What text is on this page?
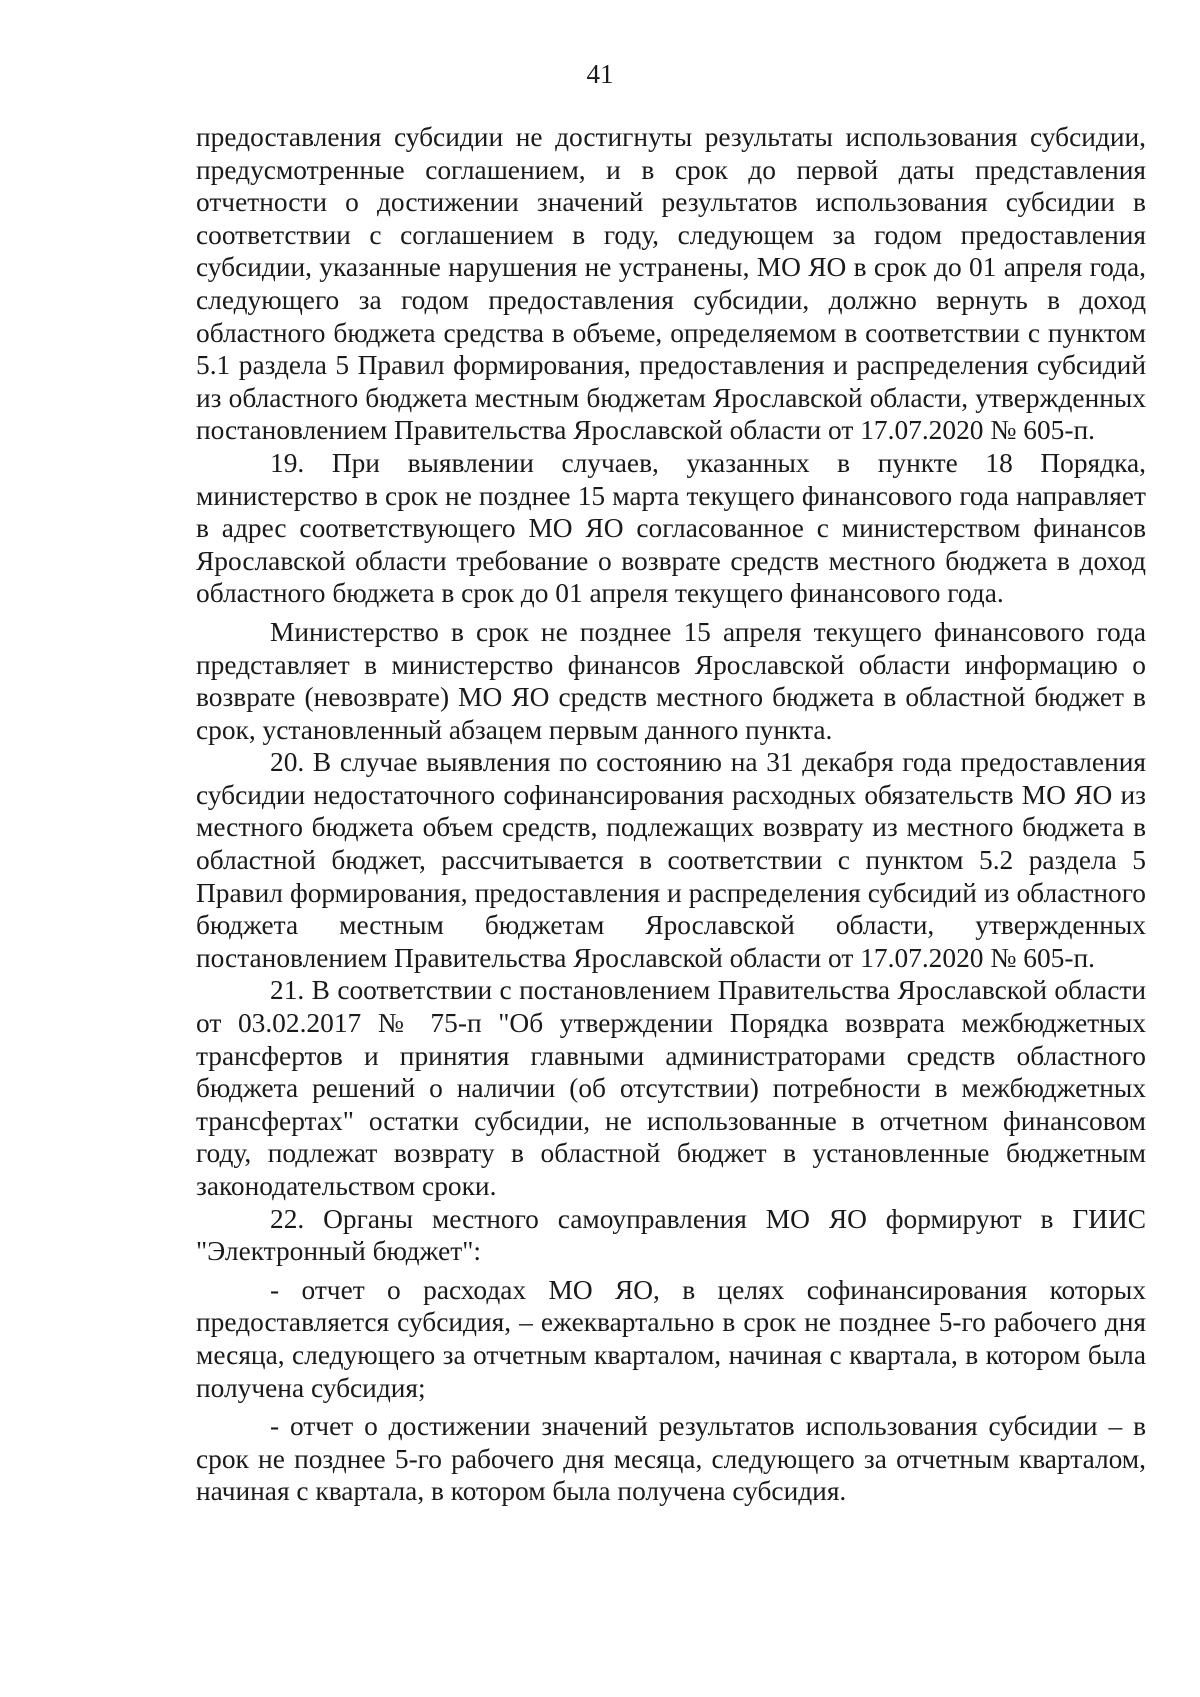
41

предоставления субсидии не достигнуты результаты использования субсидии, предусмотренные соглашением, и в срок до первой даты представления отчетности о достижении значений результатов использования субсидии в соответствии с соглашением в году, следующем за годом предоставления субсидии, указанные нарушения не устранены, МО ЯО в срок до 01 апреля года, следующего за годом предоставления субсидии, должно вернуть в доход областного бюджета средства в объеме, определяемом в соответствии с пунктом 5.1 раздела 5 Правил формирования, предоставления и распределения субсидий из областного бюджета местным бюджетам Ярославской области, утвержденных постановлением Правительства Ярославской области от 17.07.2020 № 605-п.

19. При выявлении случаев, указанных в пункте 18 Порядка, министерство в срок не позднее 15 марта текущего финансового года направляет в адрес соответствующего МО ЯО согласованное с министерством финансов Ярославской области требование о возврате средств местного бюджета в доход областного бюджета в срок до 01 апреля текущего финансового года.

Министерство в срок не позднее 15 апреля текущего финансового года представляет в министерство финансов Ярославской области информацию о возврате (невозврате) МО ЯО средств местного бюджета в областной бюджет в срок, установленный абзацем первым данного пункта.

20. В случае выявления по состоянию на 31 декабря года предоставления субсидии недостаточного софинансирования расходных обязательств МО ЯО из местного бюджета объем средств, подлежащих возврату из местного бюджета в областной бюджет, рассчитывается в соответствии с пунктом 5.2 раздела 5 Правил формирования, предоставления и распределения субсидий из областного бюджета местным бюджетам Ярославской области, утвержденных постановлением Правительства Ярославской области от 17.07.2020 № 605-п.

21. В соответствии с постановлением Правительства Ярославской области от 03.02.2017 № 75-п "Об утверждении Порядка возврата межбюджетных трансфертов и принятия главными администраторами средств областного бюджета решений о наличии (об отсутствии) потребности в межбюджетных трансфертах" остатки субсидии, не использованные в отчетном финансовом году, подлежат возврату в областной бюджет в установленные бюджетным законодательством сроки.

22. Органы местного самоуправления МО ЯО формируют в ГИИС "Электронный бюджет":

- отчет о расходах МО ЯО, в целях софинансирования которых предоставляется субсидия, – ежеквартально в срок не позднее 5-го рабочего дня месяца, следующего за отчетным кварталом, начиная с квартала, в котором была получена субсидия;

- отчет о достижении значений результатов использования субсидии – в срок не позднее 5-го рабочего дня месяца, следующего за отчетным кварталом, начиная с квартала, в котором была получена субсидия.
